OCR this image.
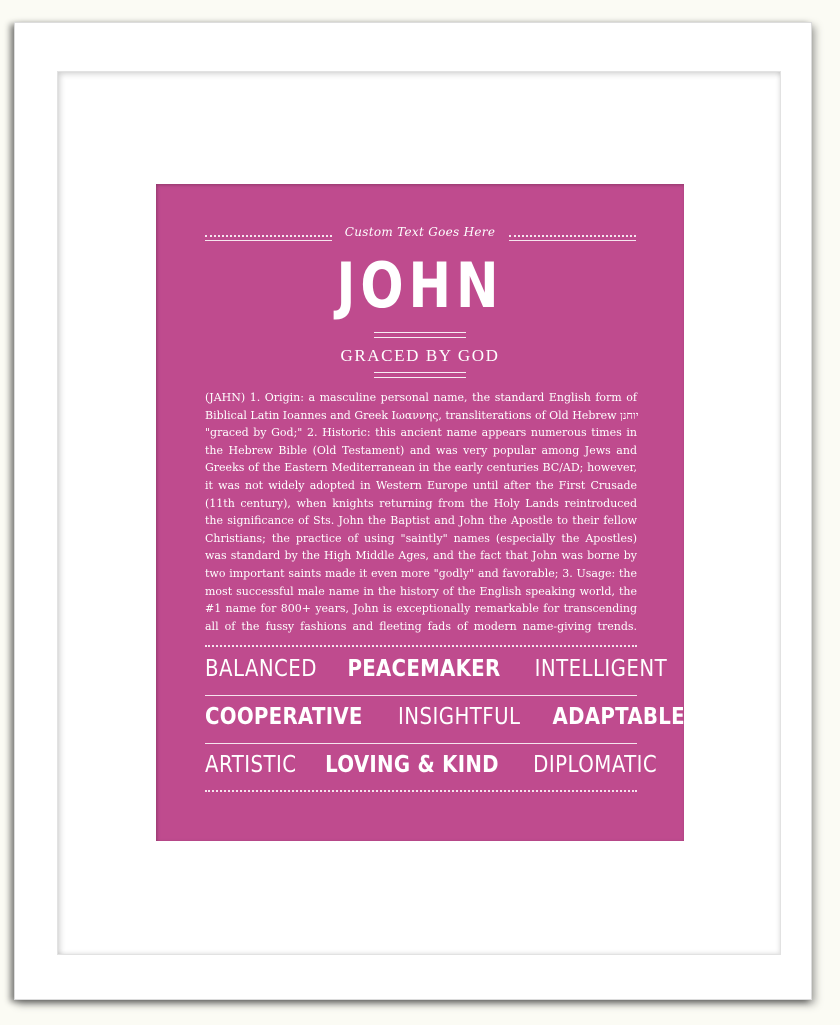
Custom Text Goes Here
JOHN
GRACED BY GOD
(JAHN) 1. Origin: a masculine personal name, the standard English form of
Biblical Latin Ioannes and Greek Ιωαννης, transliterations of Old Hebrew יוחנן
"graced by God;" 2. Historic: this ancient name appears numerous times in
the Hebrew Bible (Old Testament) and was very popular among Jews and
Greeks of the Eastern Mediterranean in the early centuries BC/AD; however,
it was not widely adopted in Western Europe until after the First Crusade
(11th century), when knights returning from the Holy Lands reintroduced
the significance of Sts. John the Baptist and John the Apostle to their fellow
Christians; the practice of using "saintly" names (especially the Apostles)
was standard by the High Middle Ages, and the fact that John was borne by
two important saints made it even more "godly" and favorable; 3. Usage: the
most successful male name in the history of the English speaking world, the
#1 name for 800+ years, John is exceptionally remarkable for transcending
all of the fussy fashions and fleeting fads of modern name-giving trends.
BALANCED PEACEMAKER INTELLIGENT
COOPERATIVE INSIGHTFUL ADAPTABLE
ARTISTIC LOVING & KIND DIPLOMATIC
